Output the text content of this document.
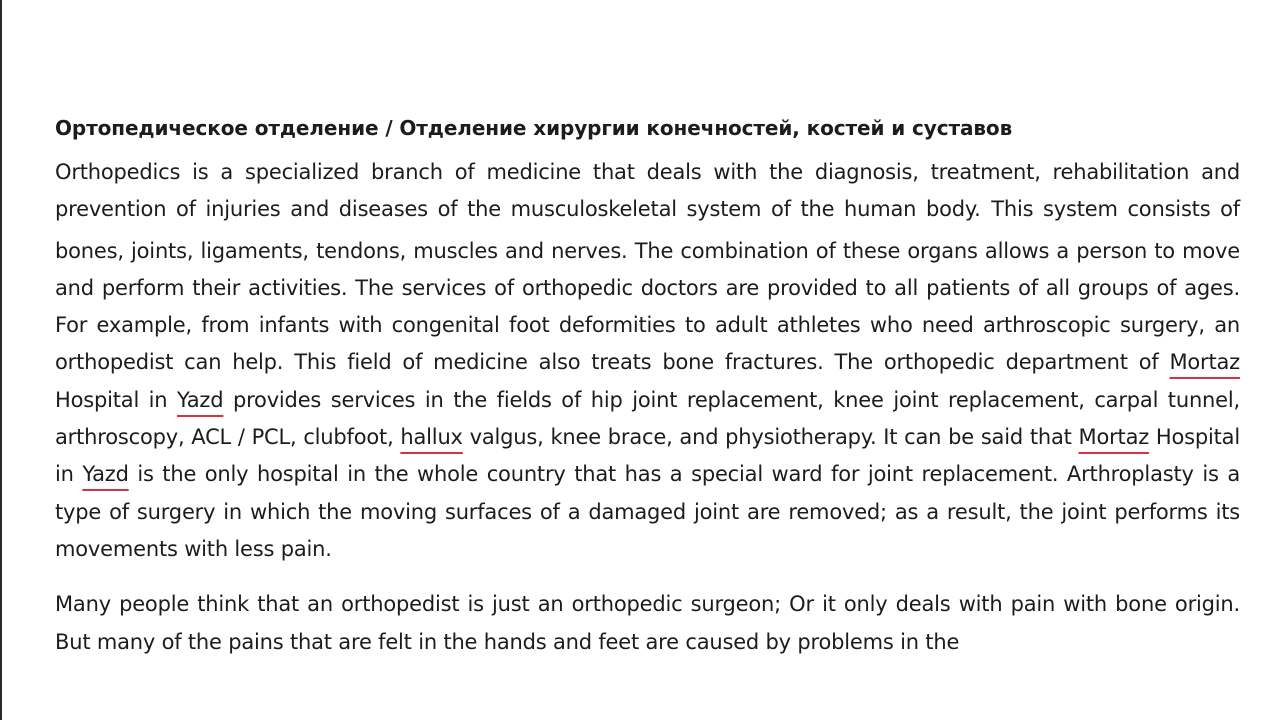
Ортопедическое отделение / Отделение хирургии конечностей, костей и суставов
Orthopedics is a specialized branch of medicine that deals with the diagnosis, treatment, rehabilitation and prevention of injuries and diseases of the musculoskeletal system of the human body. This system consists of bones, joints, ligaments, tendons, muscles and nerves. The combination of these organs allows a person to move and perform their activities. The services of orthopedic doctors are provided to all patients of all groups of ages. For example, from infants with congenital foot deformities to adult athletes who need arthroscopic surgery, an orthopedist can help. This field of medicine also treats bone fractures. The orthopedic department of Mortaz Hospital in Yazd provides services in the fields of hip joint replacement, knee joint replacement, carpal tunnel, arthroscopy, ACL / PCL, clubfoot, hallux valgus, knee brace, and physiotherapy. It can be said that Mortaz Hospital in Yazd is the only hospital in the whole country that has a special ward for joint replacement. Arthroplasty is a type of surgery in which the moving surfaces of a damaged joint are removed; as a result, the joint performs its movements with less pain.
Many people think that an orthopedist is just an orthopedic surgeon; Or it only deals with pain with bone origin. But many of the pains that are felt in the hands and feet are caused by problems in the
